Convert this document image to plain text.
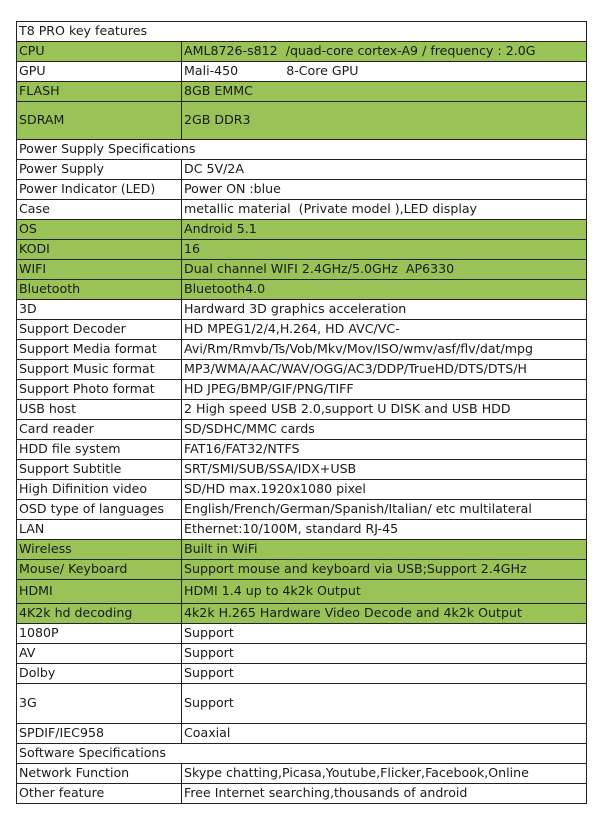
T8 PRO key features	
CPU	AML8726-s812  /quad-core cortex-A9 / frequency : 2.0G
GPU	Mali-450            8-Core GPU
FLASH	8GB EMMC
SDRAM	2GB DDR3
Power Supply Specifications	
Power Supply	DC 5V/2A
Power Indicator (LED)	Power ON :blue
Case	metallic material  (Private model ),LED display
OS	Android 5.1
KODI	16
WIFI	Dual channel WIFI 2.4GHz/5.0GHz  AP6330
Bluetooth	Bluetooth4.0
3D	Hardward 3D graphics acceleration
Support Decoder	HD MPEG1/2/4,H.264, HD AVC/VC-
Support Media format	Avi/Rm/Rmvb/Ts/Vob/Mkv/Mov/ISO/wmv/asf/flv/dat/mpg
Support Music format	MP3/WMA/AAC/WAV/OGG/AC3/DDP/TrueHD/DTS/DTS/H
Support Photo format	HD JPEG/BMP/GIF/PNG/TIFF
USB host	2 High speed USB 2.0,support U DISK and USB HDD
Card reader	SD/SDHC/MMC cards
HDD file system	FAT16/FAT32/NTFS
Support Subtitle	SRT/SMI/SUB/SSA/IDX+USB
High Difinition video	SD/HD max.1920x1080 pixel
OSD type of languages	English/French/German/Spanish/Italian/ etc multilateral
LAN	Ethernet:10/100M, standard RJ-45
Wireless	Built in WiFi
Mouse/ Keyboard	Support mouse and keyboard via USB;Support 2.4GHz
HDMI	HDMI 1.4 up to 4k2k Output
4K2k hd decoding	4k2k H.265 Hardware Video Decode and 4k2k Output
1080P	Support
AV	Support
Dolby	Support
3G	Support
SPDIF/IEC958	Coaxial
Software Specifications	
Network Function	Skype chatting,Picasa,Youtube,Flicker,Facebook,Online
Other feature	Free Internet searching,thousands of android
